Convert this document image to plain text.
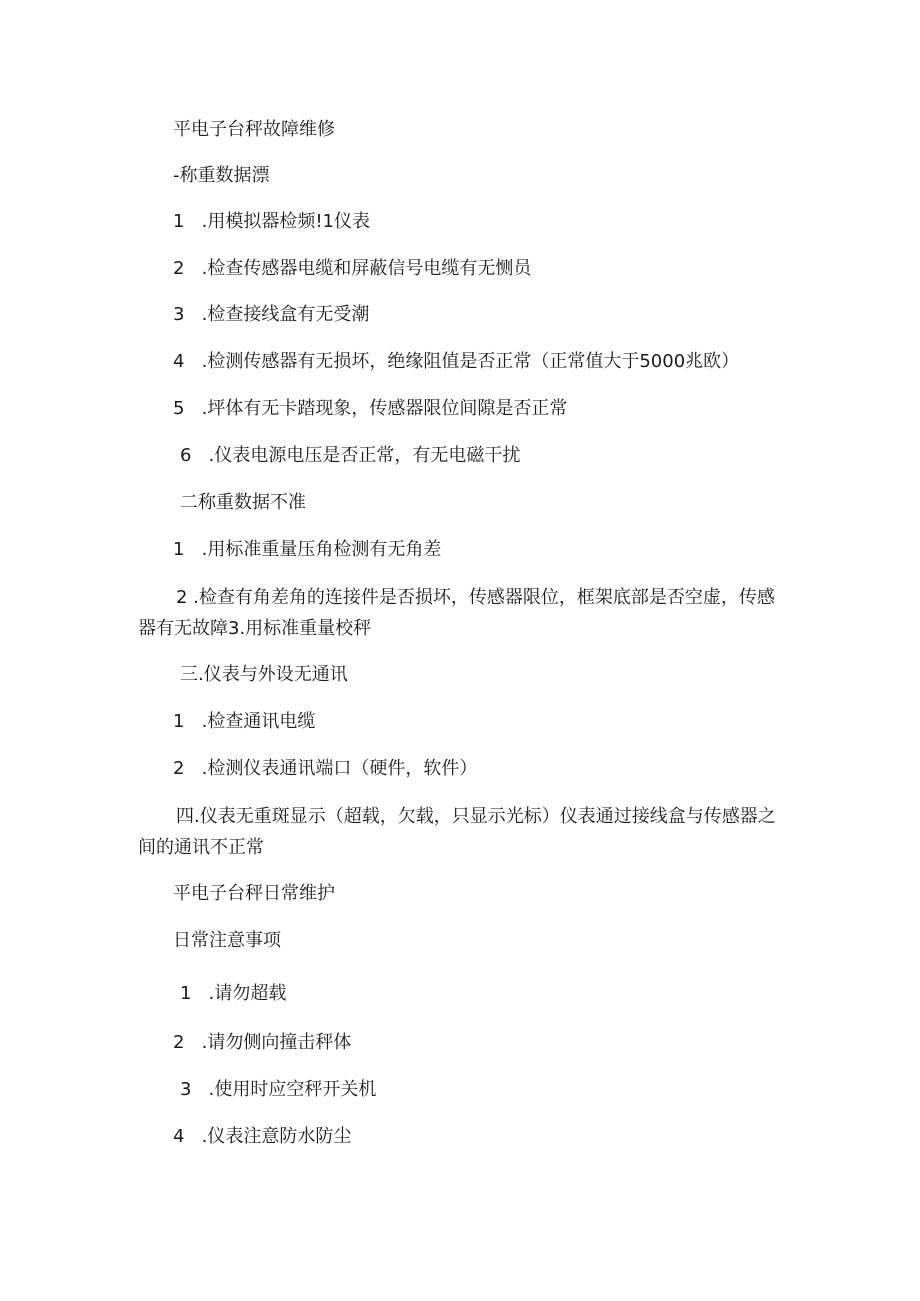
平电子台秤故障维修
-称重数据漂
1 .用模拟器检频!1仪表
2 .检查传感器电缆和屏蔽信号电缆有无恻员
3 .检查接线盒有无受潮
4 .检测传感器有无损坏，绝缘阻值是否正常（正常值大于5000兆欧）
5 .坪体有无卡踏现象，传感器限位间隙是否正常
6 .仪表电源电压是否正常，有无电磁干扰
二称重数据不准
1 .用标准重量压角检测有无角差
2 .检查有角差角的连接件是否损坏，传感器限位，框架底部是否空虚，传感器有无故障3.用标准重量校秤
三.仪表与外设无通讯
1 .检查通讯电缆
2 .检测仪表通讯端口（硬件，软件）
四.仪表无重斑显示（超载，欠载，只显示光标）仪表通过接线盒与传感器之间的通讯不正常
平电子台秤日常维护
日常注意事项
1 .请勿超载
2 .请勿侧向撞击秤体
3 .使用时应空秤开关机
4 .仪表注意防水防尘
